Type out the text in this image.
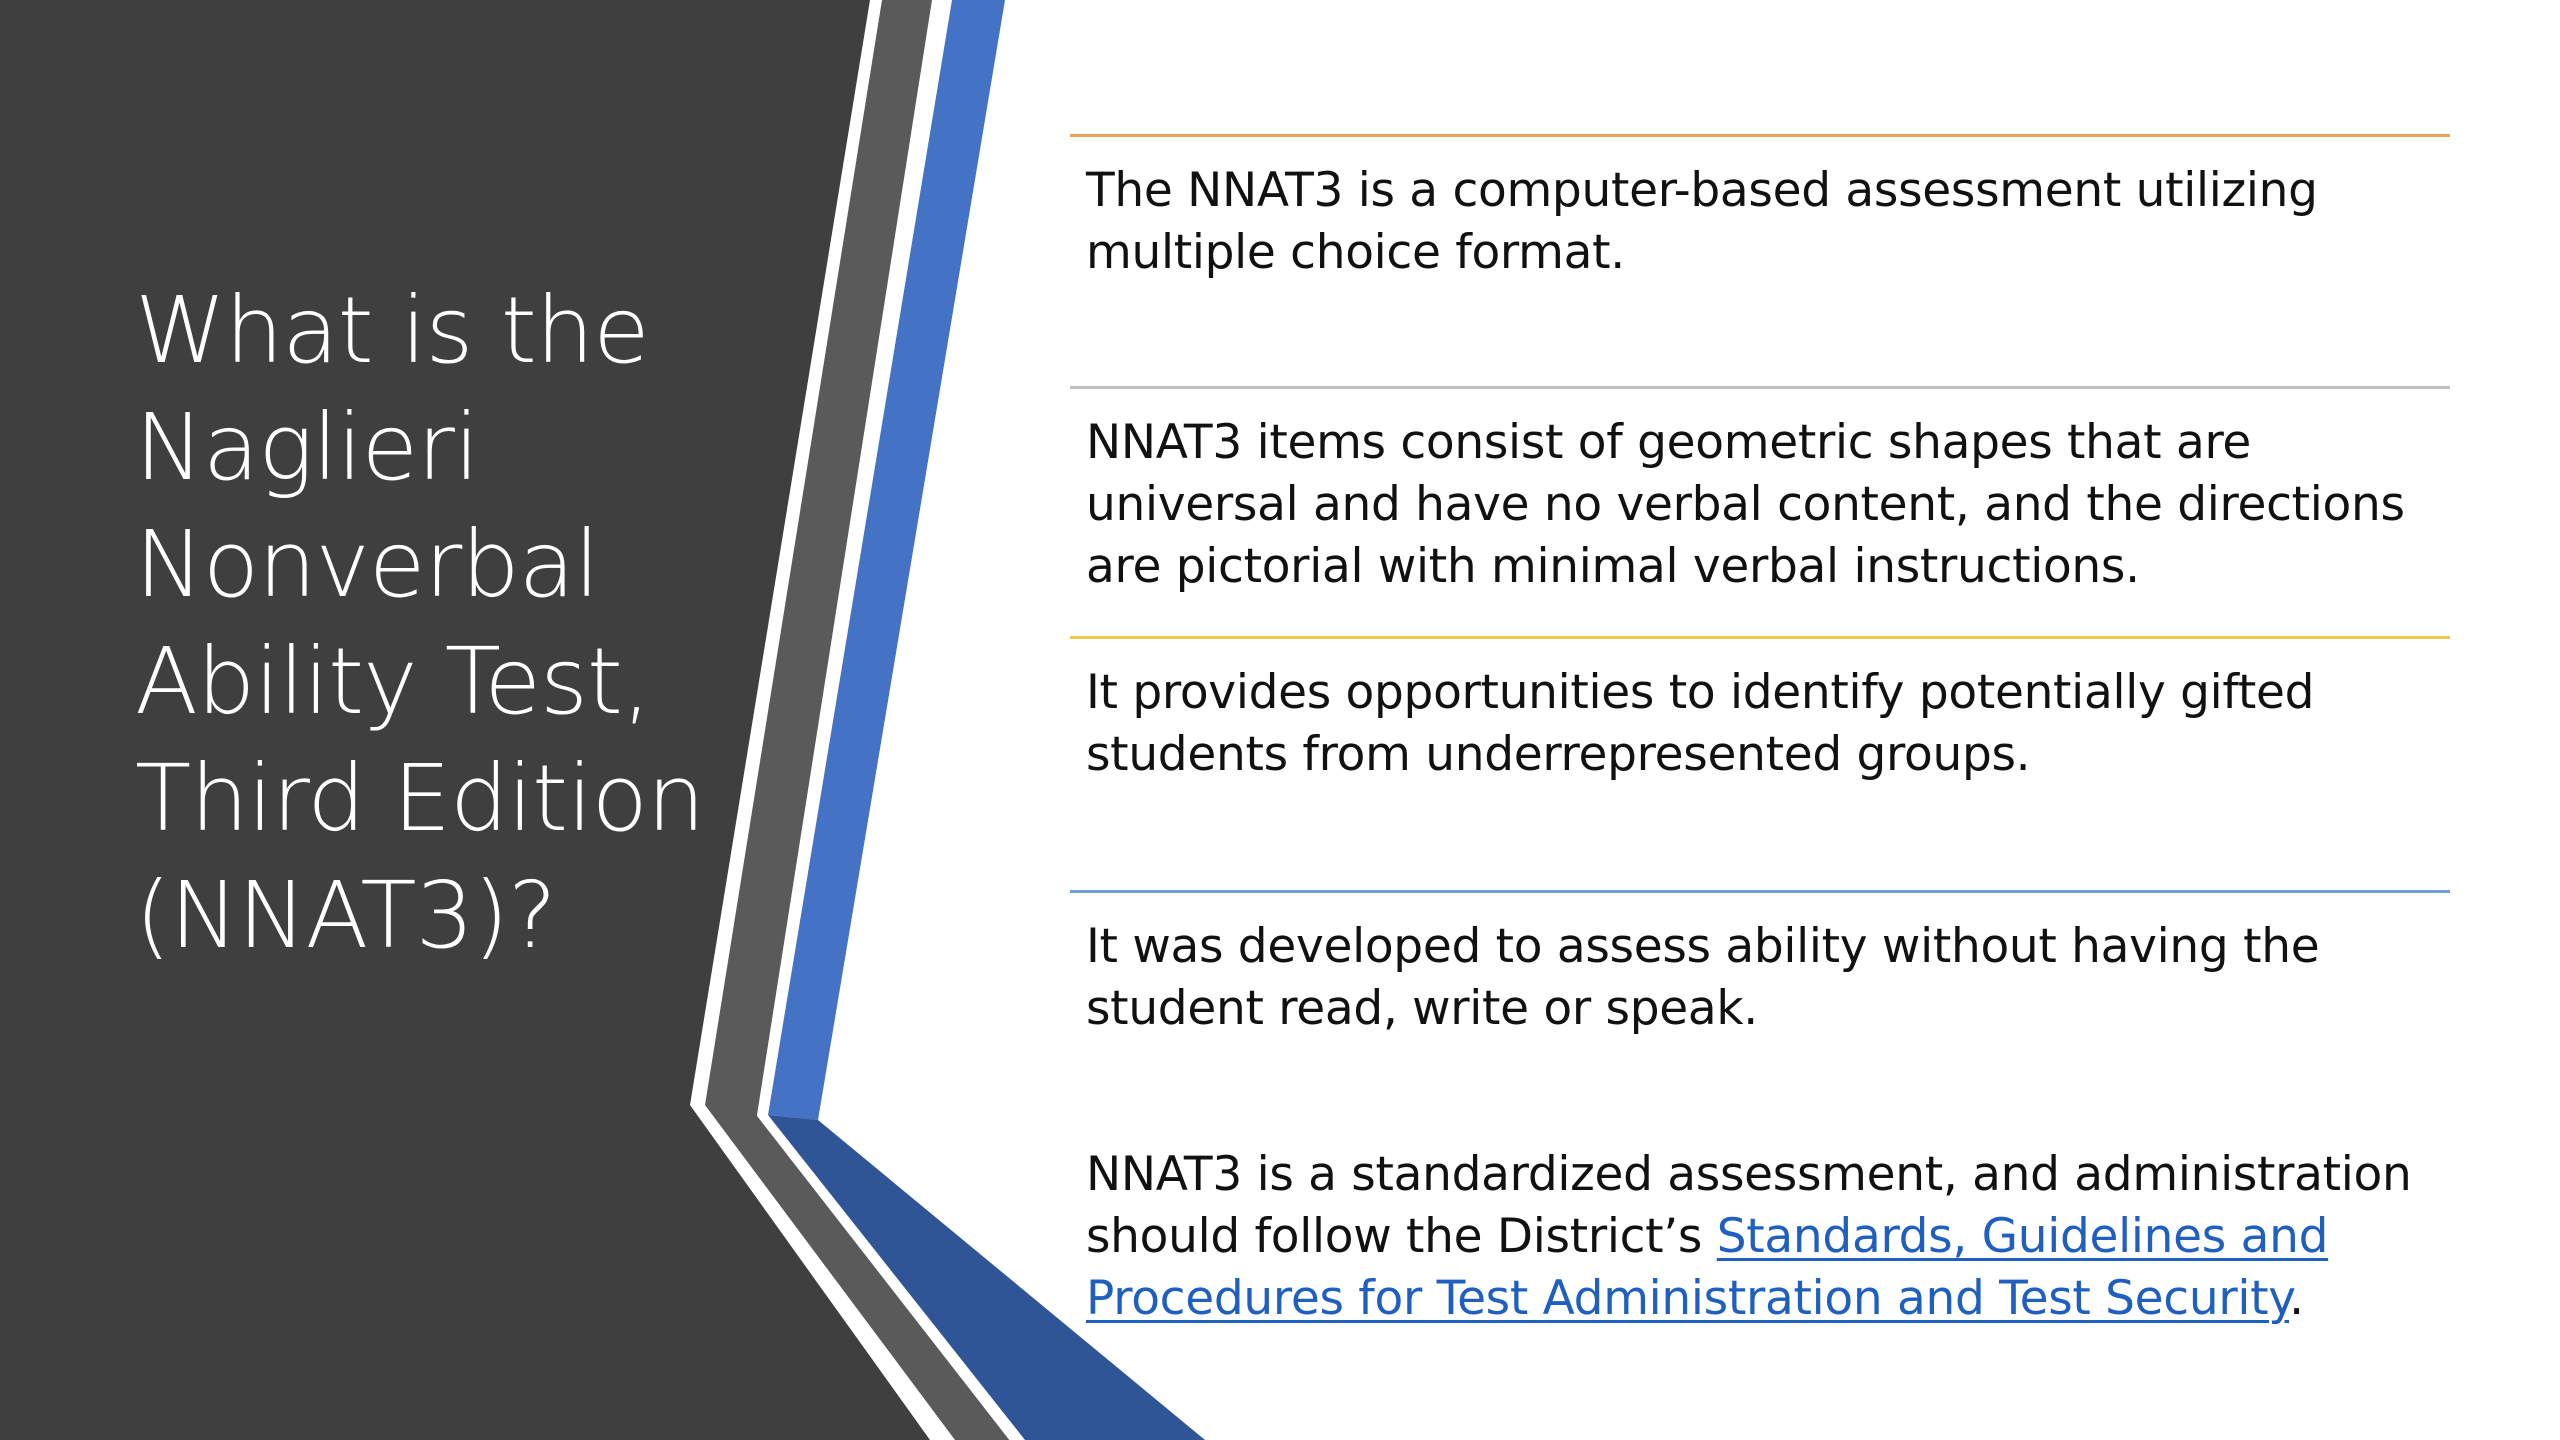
What is the
Naglieri
Nonverbal
Ability Test,
Third Edition
(NNAT3)?

The NNAT3 is a computer-based assessment utilizing
multiple choice format.

NNAT3 items consist of geometric shapes that are
universal and have no verbal content, and the directions
are pictorial with minimal verbal instructions.

It provides opportunities to identify potentially gifted
students from underrepresented groups.

It was developed to assess ability without having the
student read, write or speak.

NNAT3 is a standardized assessment, and administration
should follow the District’s Standards, Guidelines and
Procedures for Test Administration and Test Security.
